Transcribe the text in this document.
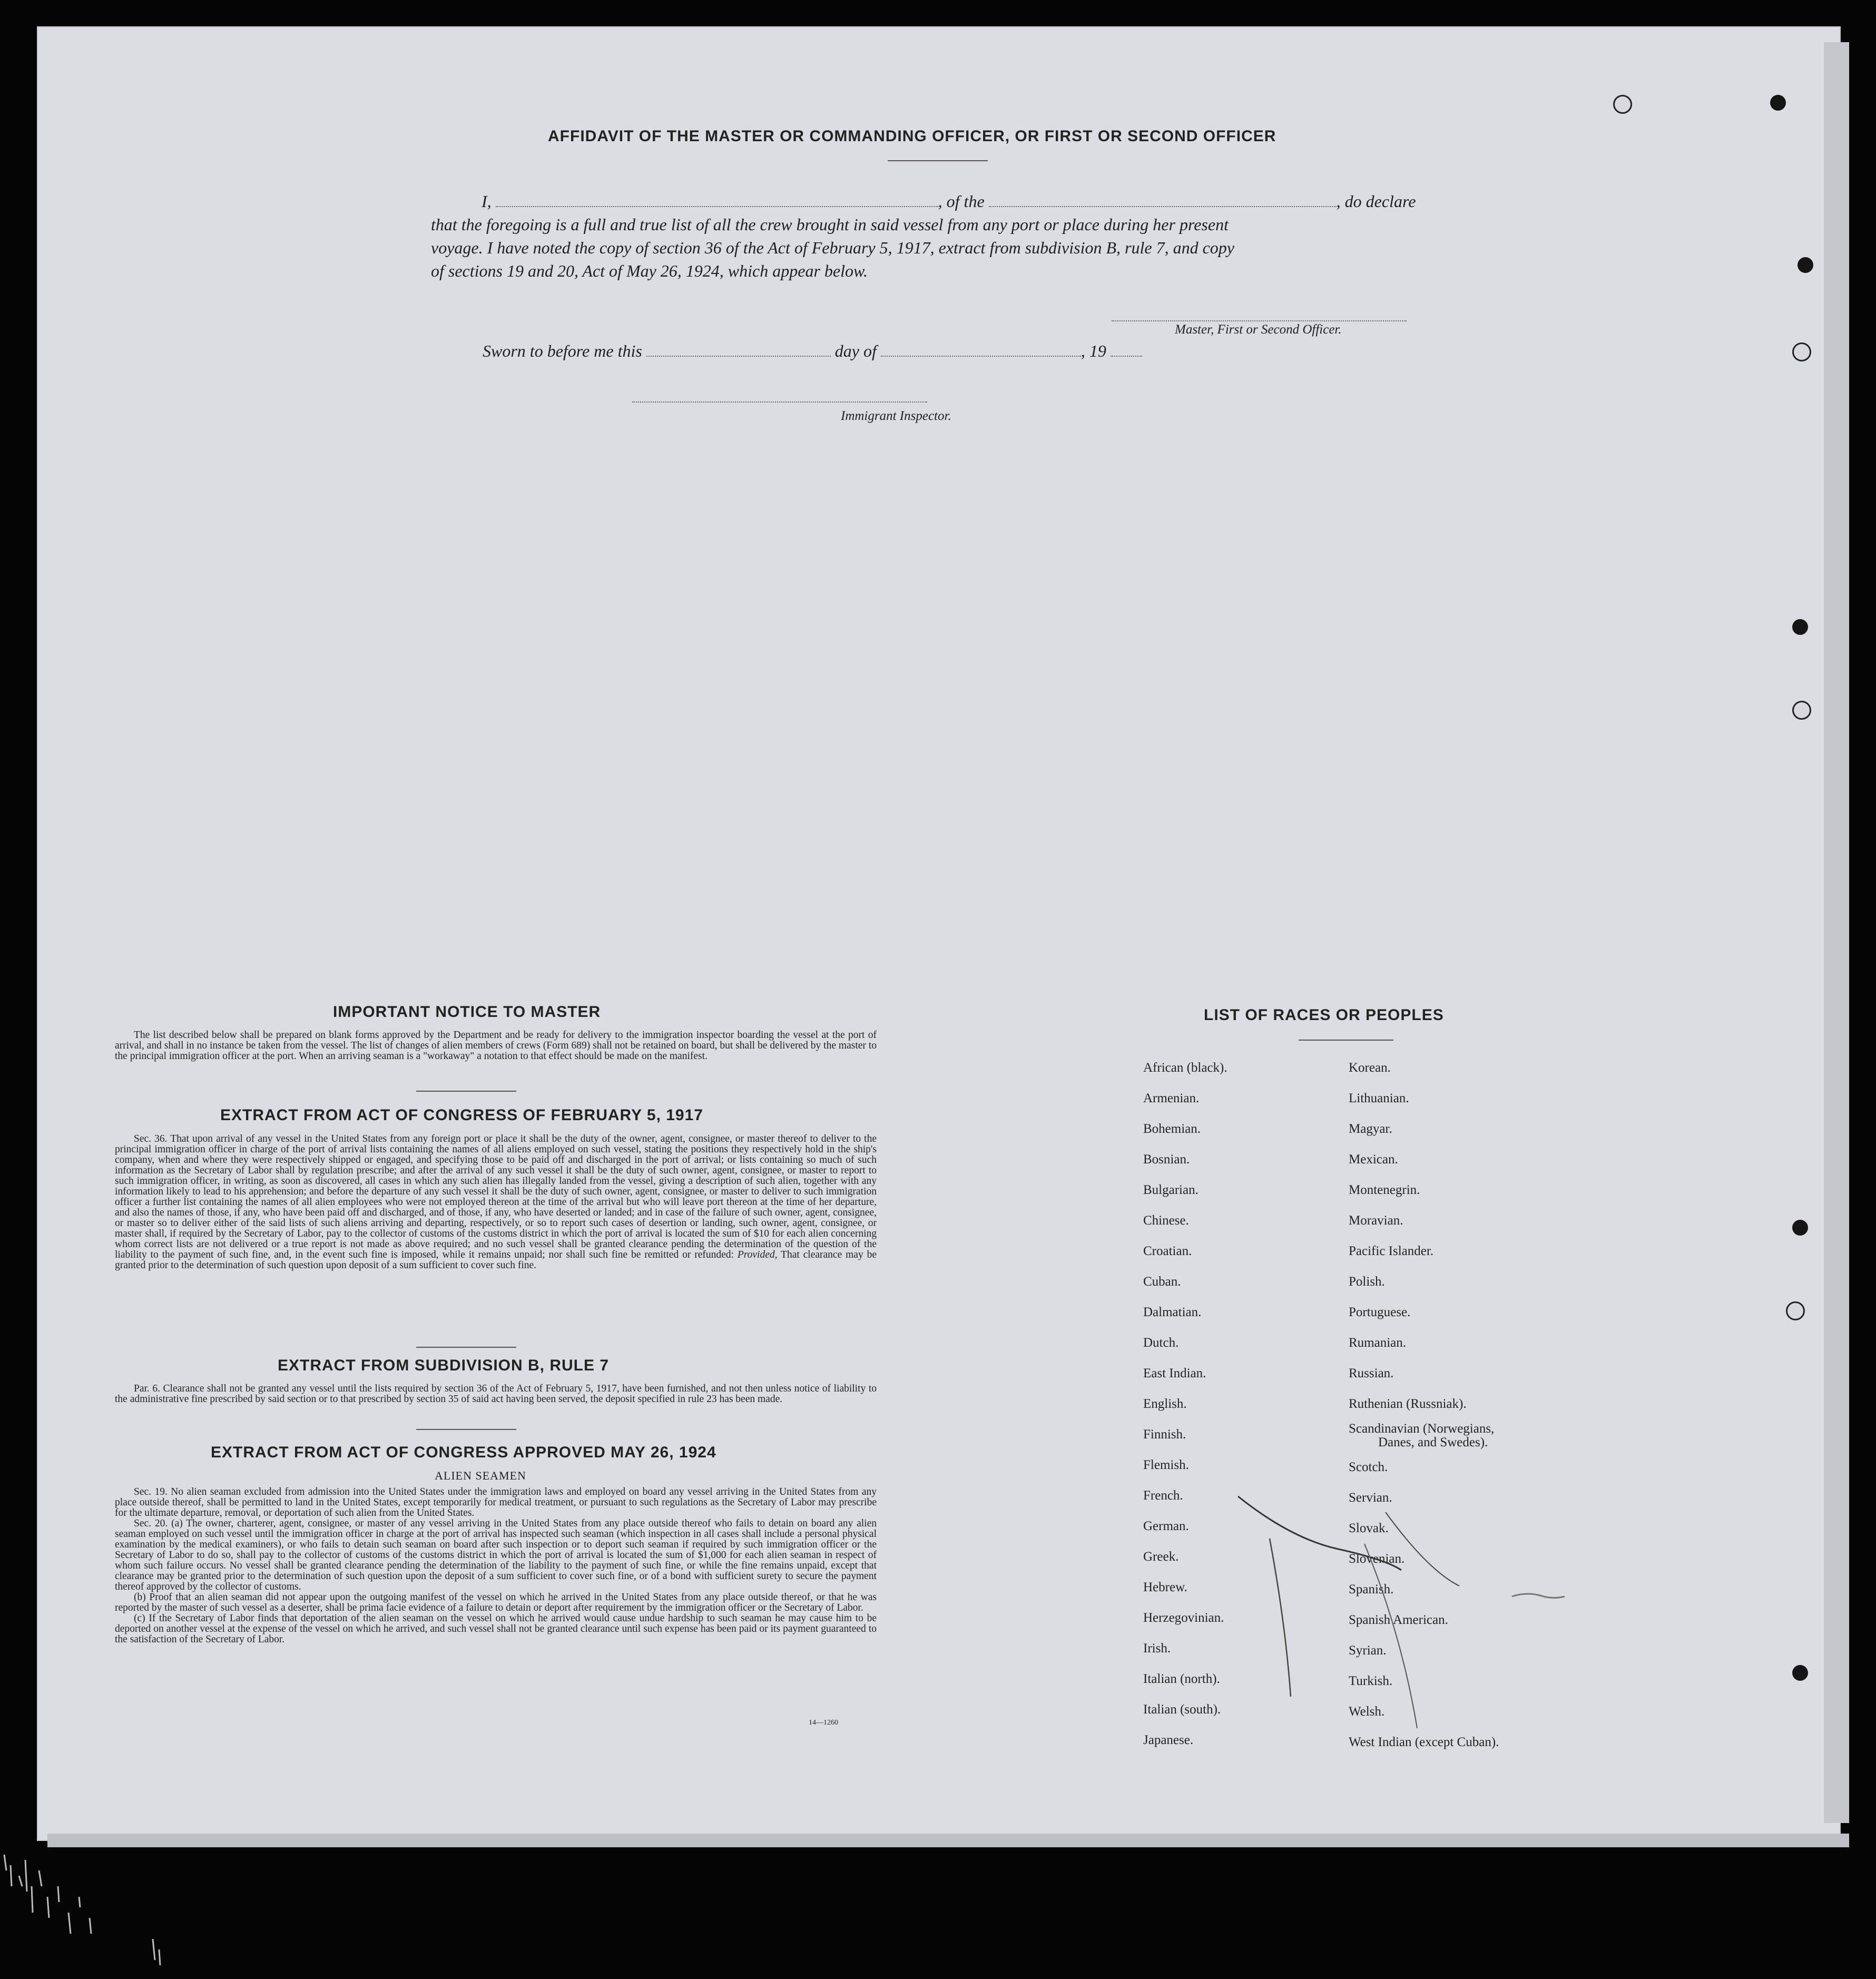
AFFIDAVIT OF THE MASTER OR COMMANDING OFFICER, OR FIRST OR SECOND OFFICER
I,	, of the	, do declare
that the foregoing is a full and true list of all the crew brought in said vessel from any port or place during her present
voyage. I have noted the copy of section 36 of the Act of February 5, 1917, extract from subdivision B, rule 7, and copy
of sections 19 and 20, Act of May 26, 1924, which appear below.
Master, First or Second Officer.
Sworn to before me this	day of	, 19
Immigrant Inspector.
IMPORTANT NOTICE TO MASTER

The list described below shall be prepared on blank forms approved by the Department and be ready for delivery to the immigration inspector boarding the vessel at the port of arrival, and shall in no instance be taken from the vessel. The list of changes of alien members of crews (Form 689) shall not be retained on board, but shall be delivered by the master to the principal immigration officer at the port. When an arriving seaman is a "workaway" a notation to that effect should be made on the manifest.

EXTRACT FROM ACT OF CONGRESS OF FEBRUARY 5, 1917

Sec. 36. That upon arrival of any vessel in the United States from any foreign port or place it shall be the duty of the owner, agent, consignee, or master thereof to deliver to the principal immigration officer in charge of the port of arrival lists containing the names of all aliens employed on such vessel, stating the positions they respectively hold in the ship's company, when and where they were respectively shipped or engaged, and specifying those to be paid off and discharged in the port of arrival; or lists containing so much of such information as the Secretary of Labor shall by regulation prescribe; and after the arrival of any such vessel it shall be the duty of such owner, agent, consignee, or master to report to such immigration officer, in writing, as soon as discovered, all cases in which any such alien has illegally landed from the vessel, giving a description of such alien, together with any information likely to lead to his apprehension; and before the departure of any such vessel it shall be the duty of such owner, agent, consignee, or master to deliver to such immigration officer a further list containing the names of all alien employees who were not employed thereon at the time of the arrival but who will leave port thereon at the time of her departure, and also the names of those, if any, who have been paid off and discharged, and of those, if any, who have deserted or landed; and in case of the failure of such owner, agent, consignee, or master so to deliver either of the said lists of such aliens arriving and departing, respectively, or so to report such cases of desertion or landing, such owner, agent, consignee, or master shall, if required by the Secretary of Labor, pay to the collector of customs of the customs district in which the port of arrival is located the sum of $10 for each alien concerning whom correct lists are not delivered or a true report is not made as above required; and no such vessel shall be granted clearance pending the determination of the question of the liability to the payment of such fine, and, in the event such fine is imposed, while it remains unpaid; nor shall such fine be remitted or refunded: Provided, That clearance may be granted prior to the determination of such question upon deposit of a sum sufficient to cover such fine.

EXTRACT FROM SUBDIVISION B, RULE 7

Par. 6. Clearance shall not be granted any vessel until the lists required by section 36 of the Act of February 5, 1917, have been furnished, and not then unless notice of liability to the administrative fine prescribed by said section or to that prescribed by section 35 of said act having been served, the deposit specified in rule 23 has been made.

EXTRACT FROM ACT OF CONGRESS APPROVED MAY 26, 1924
ALIEN SEAMEN

Sec. 19. No alien seaman excluded from admission into the United States under the immigration laws and employed on board any vessel arriving in the United States from any place outside thereof, shall be permitted to land in the United States, except temporarily for medical treatment, or pursuant to such regulations as the Secretary of Labor may prescribe for the ultimate departure, removal, or deportation of such alien from the United States.

Sec. 20. (a) The owner, charterer, agent, consignee, or master of any vessel arriving in the United States from any place outside thereof who fails to detain on board any alien seaman employed on such vessel until the immigration officer in charge at the port of arrival has inspected such seaman (which inspection in all cases shall include a personal physical examination by the medical examiners), or who fails to detain such seaman on board after such inspection or to deport such seaman if required by such immigration officer or the Secretary of Labor to do so, shall pay to the collector of customs of the customs district in which the port of arrival is located the sum of $1,000 for each alien seaman in respect of whom such failure occurs. No vessel shall be granted clearance pending the determination of the liability to the payment of such fine, or while the fine remains unpaid, except that clearance may be granted prior to the determination of such question upon the deposit of a sum sufficient to cover such fine, or of a bond with sufficient surety to secure the payment thereof approved by the collector of customs.

(b) Proof that an alien seaman did not appear upon the outgoing manifest of the vessel on which he arrived in the United States from any place outside thereof, or that he was reported by the master of such vessel as a deserter, shall be prima facie evidence of a failure to detain or deport after requirement by the immigration officer or the Secretary of Labor.

(c) If the Secretary of Labor finds that deportation of the alien seaman on the vessel on which he arrived would cause undue hardship to such seaman he may cause him to be deported on another vessel at the expense of the vessel on which he arrived, and such vessel shall not be granted clearance until such expense has been paid or its payment guaranteed to the satisfaction of the Secretary of Labor.

14—1260
LIST OF RACES OR PEOPLES
African (black).
Armenian.
Bohemian.
Bosnian.
Bulgarian.
Chinese.
Croatian.
Cuban.
Dalmatian.
Dutch.
East Indian.
English.
Finnish.
Flemish.
French.
German.
Greek.
Hebrew.
Herzegovinian.
Irish.
Italian (north).
Italian (south).
Japanese.
Korean.
Lithuanian.
Magyar.
Mexican.
Montenegrin.
Moravian.
Pacific Islander.
Polish.
Portuguese.
Rumanian.
Russian.
Ruthenian (Russniak).
Scandinavian (Norwegians,
Danes, and Swedes).
Scotch.
Servian.
Slovak.
Slovenian.
Spanish.
Spanish American.
Syrian.
Turkish.
Welsh.
West Indian (except Cuban).
